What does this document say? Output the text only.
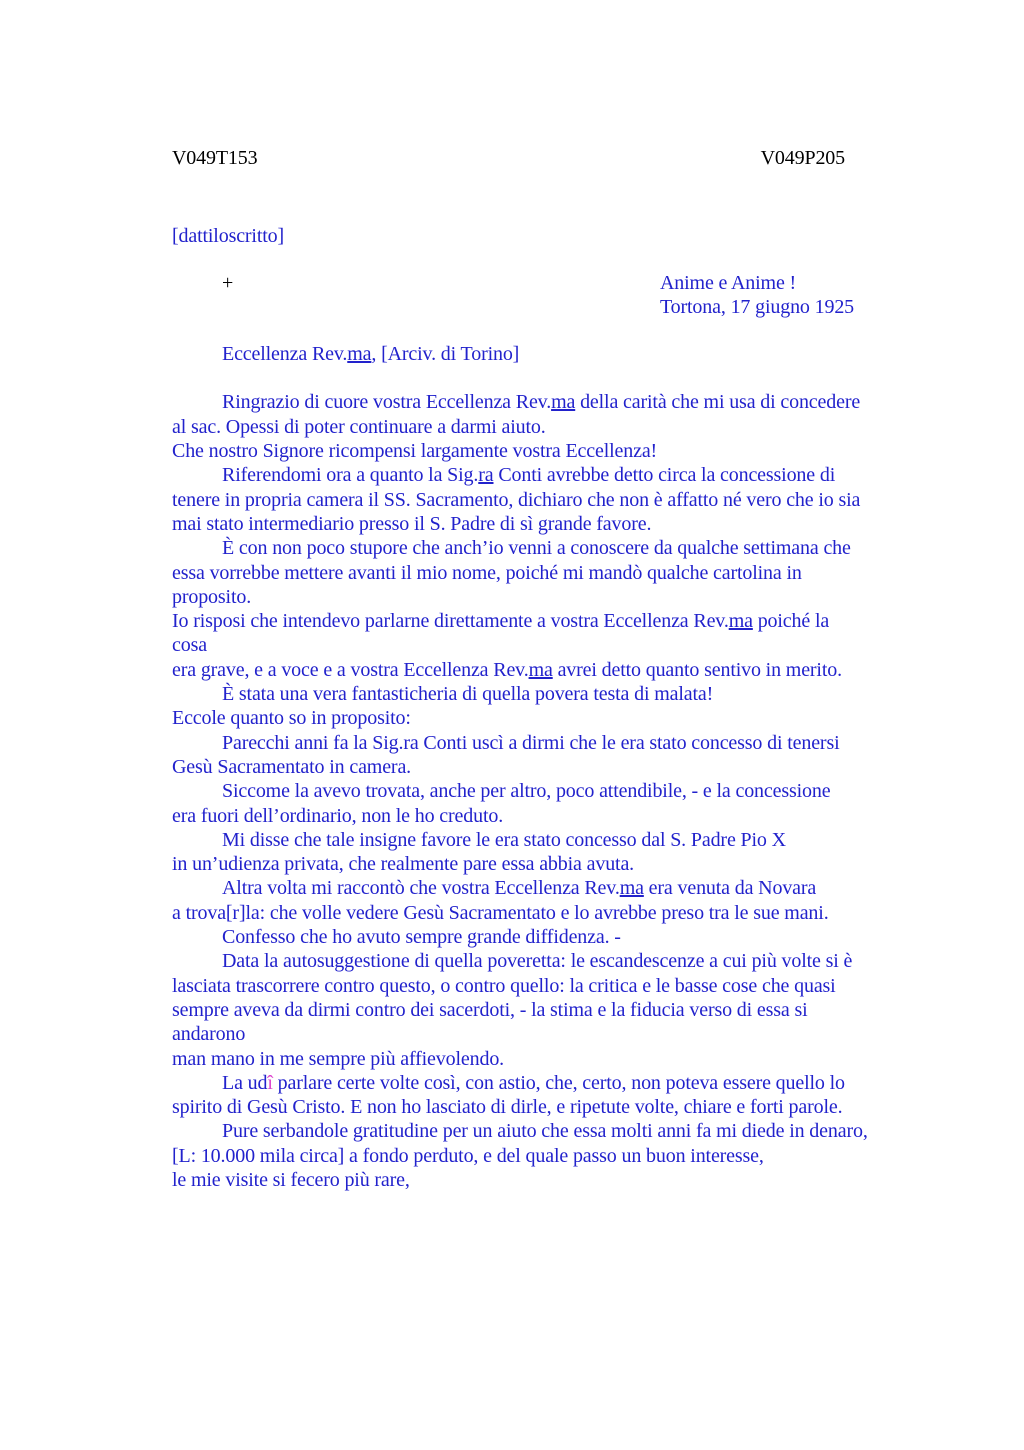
V049T153	V049P205
[dattiloscritto]
+	Anime e Anime !
Tortona, 17 giugno 1925
Eccellenza Rev.ma, [Arciv. di Torino]
Ringrazio di cuore vostra Eccellenza Rev.ma della carità che mi usa di concedere
al sac. Opessi di poter continuare a darmi aiuto.
Che nostro Signore ricompensi largamente vostra Eccellenza!
Riferendomi ora a quanto la Sig.ra Conti avrebbe detto circa la concessione di
tenere in propria camera il SS. Sacramento, dichiaro che non è affatto né vero che io sia
mai stato intermediario presso il S. Padre di sì grande favore.
È con non poco stupore che anch’io venni a conoscere da qualche settimana che
essa vorrebbe mettere avanti il mio nome, poiché mi mandò qualche cartolina in
proposito.
Io risposi che intendevo parlarne direttamente a vostra Eccellenza Rev.ma poiché la
cosa
era grave, e a voce e a vostra Eccellenza Rev.ma avrei detto quanto sentivo in merito.
È stata una vera fantasticheria di quella povera testa di malata!
Eccole quanto so in proposito:
Parecchi anni fa la Sig.ra Conti uscì a dirmi che le era stato concesso di tenersi
Gesù Sacramentato in camera.
Siccome la avevo trovata, anche per altro, poco attendibile, - e la concessione
era fuori dell’ordinario, non le ho creduto.
Mi disse che tale insigne favore le era stato concesso dal S. Padre Pio X
in un’udienza privata, che realmente pare essa abbia avuta.
Altra volta mi raccontò che vostra Eccellenza Rev.ma era venuta da Novara
a trova[r]la: che volle vedere Gesù Sacramentato e lo avrebbe preso tra le sue mani.
Confesso che ho avuto sempre grande diffidenza. -
Data la autosuggestione di quella poveretta: le escandescenze a cui più volte si è
lasciata trascorrere contro questo, o contro quello: la critica e le basse cose che quasi
sempre aveva da dirmi contro dei sacerdoti, - la stima e la fiducia verso di essa si
andarono
man mano in me sempre più affievolendo.
La udî parlare certe volte così, con astio, che, certo, non poteva essere quello lo
spirito di Gesù Cristo. E non ho lasciato di dirle, e ripetute volte, chiare e forti parole.
Pure serbandole gratitudine per un aiuto che essa molti anni fa mi diede in denaro,
[L: 10.000 mila circa] a fondo perduto, e del quale passo un buon interesse,
le mie visite si fecero più rare,
